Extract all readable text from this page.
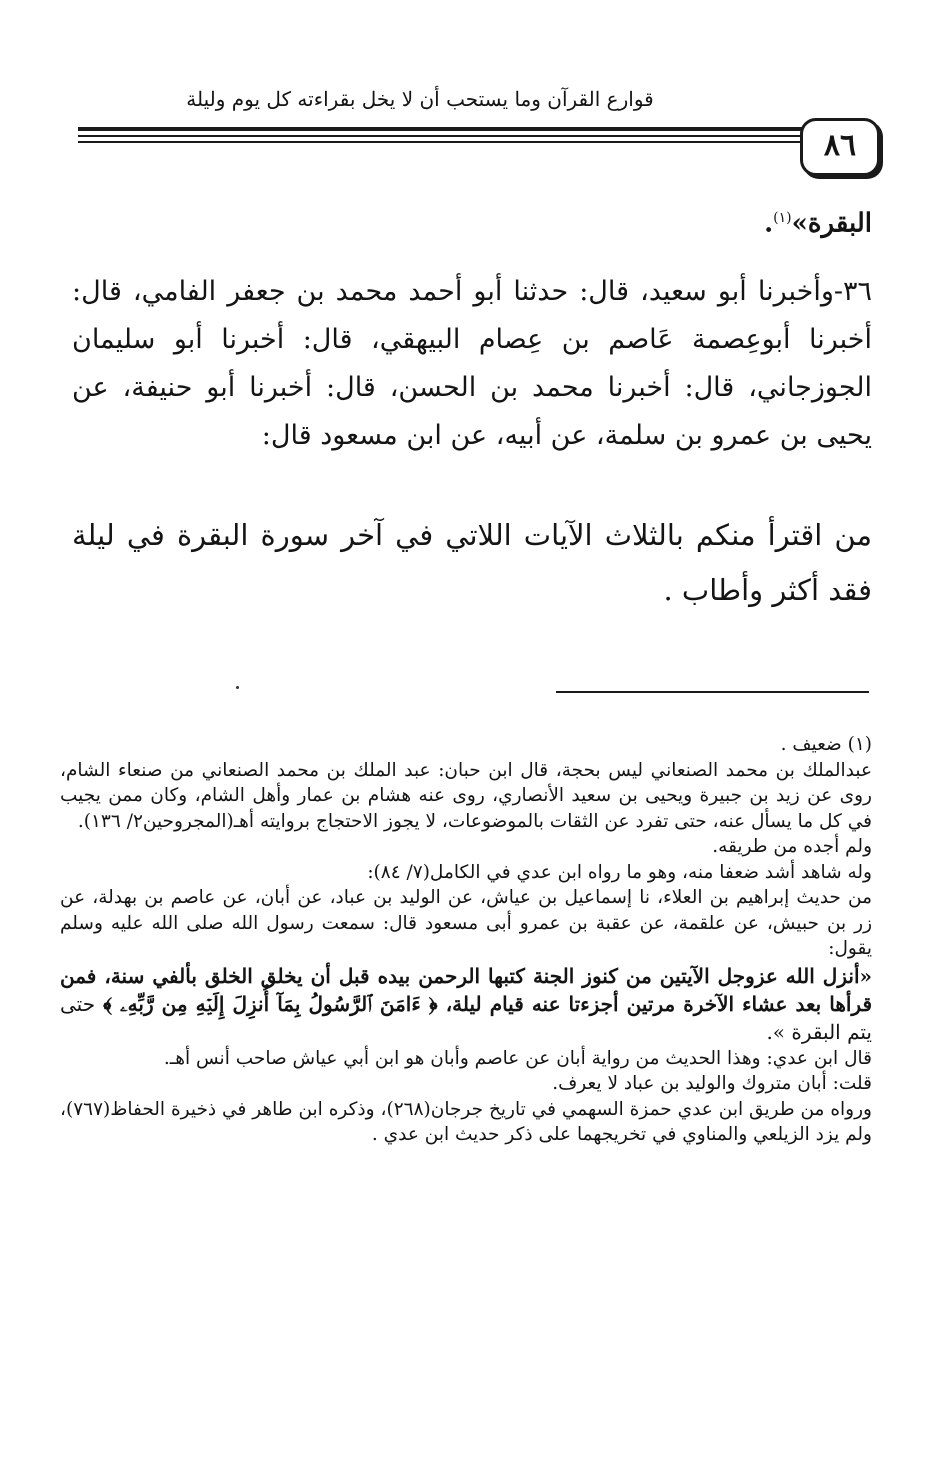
قوارع القرآن وما يستحب أن لا يخل بقراءته كل يوم وليلة
٨٦
البقرة»$^{(١)}$.

٣٦-وأخبرنا أبو سعيد، قال: حدثنا أبو أحمد محمد بن جعفر الفامي، قال: أخبرنا أبوعِصمة عَاصم بن عِصام البيهقي، قال: أخبرنا أبو سليمان الجوزجاني، قال: أخبرنا محمد بن الحسن، قال: أخبرنا أبو حنيفة، عن يحيى بن عمرو بن سلمة، عن أبيه، عن ابن مسعود قال:

من اقترأ منكم بالثلاث الآيات اللاتي في آخر سورة البقرة في ليلة فقد أكثر وأطاب .

(١) ضعيف .

عبدالملك بن محمد الصنعاني ليس بحجة، قال ابن حبان: عبد الملك بن محمد الصنعاني من صنعاء الشام، روى عن زيد بن جبيرة ويحيى بن سعيد الأنصاري، روى عنه هشام بن عمار وأهل الشام، وكان ممن يجيب في كل ما يسأل عنه، حتى تفرد عن الثقات بالموضوعات، لا يجوز الاحتجاج بروايته أهـ(المجروحين٢/ ١٣٦).

ولم أجده من طريقه.

وله شاهد أشد ضعفا منه، وهو ما رواه ابن عدي في الكامل(٧/ ٨٤):

من حديث إبراهيم بن العلاء، نا إسماعيل بن عياش، عن الوليد بن عباد، عن أبان، عن عاصم بن بهدلة، عن زر بن حبيش، عن علقمة، عن عقبة بن عمرو أبى مسعود قال: سمعت رسول الله صلى الله عليه وسلم يقول:

«أنزل الله عزوجل الآيتين من كنوز الجنة كتبها الرحمن بيده قبل أن يخلق الخلق بألفي سنة، فمن قرأها بعد عشاء الآخرة مرتين أجزءتا عنه قيام ليلة، ﴿ ءَامَنَ ٱلرَّسُولُ بِمَآ أُنزِلَ إِلَيۡهِ مِن رَّبِّهِۦ ﴾ حتى يتم البقرة ».

قال ابن عدي: وهذا الحديث من رواية أبان عن عاصم وأبان هو ابن أبي عياش صاحب أنس أهـ.

قلت: أبان متروك والوليد بن عباد لا يعرف.

ورواه من طريق ابن عدي حمزة السهمي في تاريخ جرجان(٢٦٨)، وذكره ابن طاهر في ذخيرة الحفاظ(٧٦٧)، ولم يزد الزيلعي والمناوي في تخريجهما على ذكر حديث ابن عدي .
